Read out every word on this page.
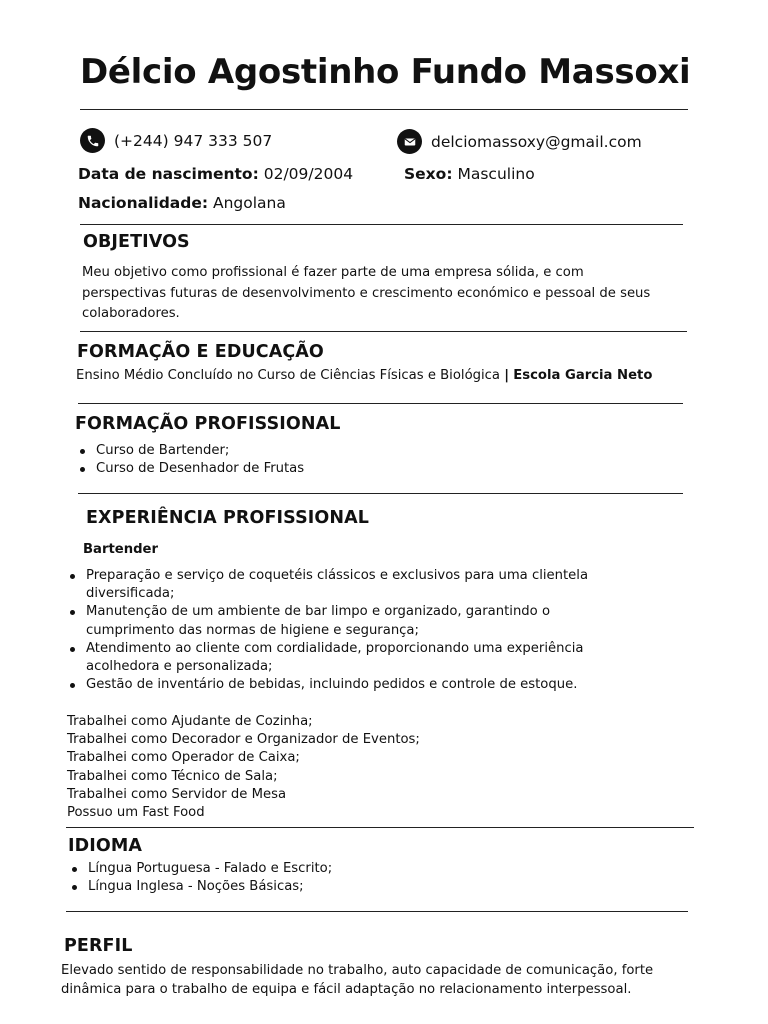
Délcio Agostinho Fundo Massoxi
(+244) 947 333 507	delciomassoxy@gmail.com
Data de nascimento: 02/09/2004	Sexo: Masculino
Nacionalidade: Angolana
OBJETIVOS
Meu objetivo como profissional é fazer parte de uma empresa sólida, e com perspectivas futuras de desenvolvimento e crescimento económico e pessoal de seus colaboradores.
FORMAÇÃO E EDUCAÇÃO
Ensino Médio Concluído no Curso de Ciências Físicas e Biológica | Escola Garcia Neto
FORMAÇÃO PROFISSIONAL
Curso de Bartender;
Curso de Desenhador de Frutas
EXPERIÊNCIA PROFISSIONAL
Bartender
Preparação e serviço de coquetéis clássicos e exclusivos para uma clientela diversificada;
Manutenção de um ambiente de bar limpo e organizado, garantindo o cumprimento das normas de higiene e segurança;
Atendimento ao cliente com cordialidade, proporcionando uma experiência acolhedora e personalizada;
Gestão de inventário de bebidas, incluindo pedidos e controle de estoque.
Trabalhei como Ajudante de Cozinha;
Trabalhei como Decorador e Organizador de Eventos;
Trabalhei como Operador de Caixa;
Trabalhei como Técnico de Sala;
Trabalhei como Servidor de Mesa
Possuo um Fast Food
IDIOMA
Língua Portuguesa - Falado e Escrito;
Língua Inglesa - Noções Básicas;
PERFIL
Elevado sentido de responsabilidade no trabalho, auto capacidade de comunicação, forte dinâmica para o trabalho de equipa e fácil adaptação no relacionamento interpessoal.
